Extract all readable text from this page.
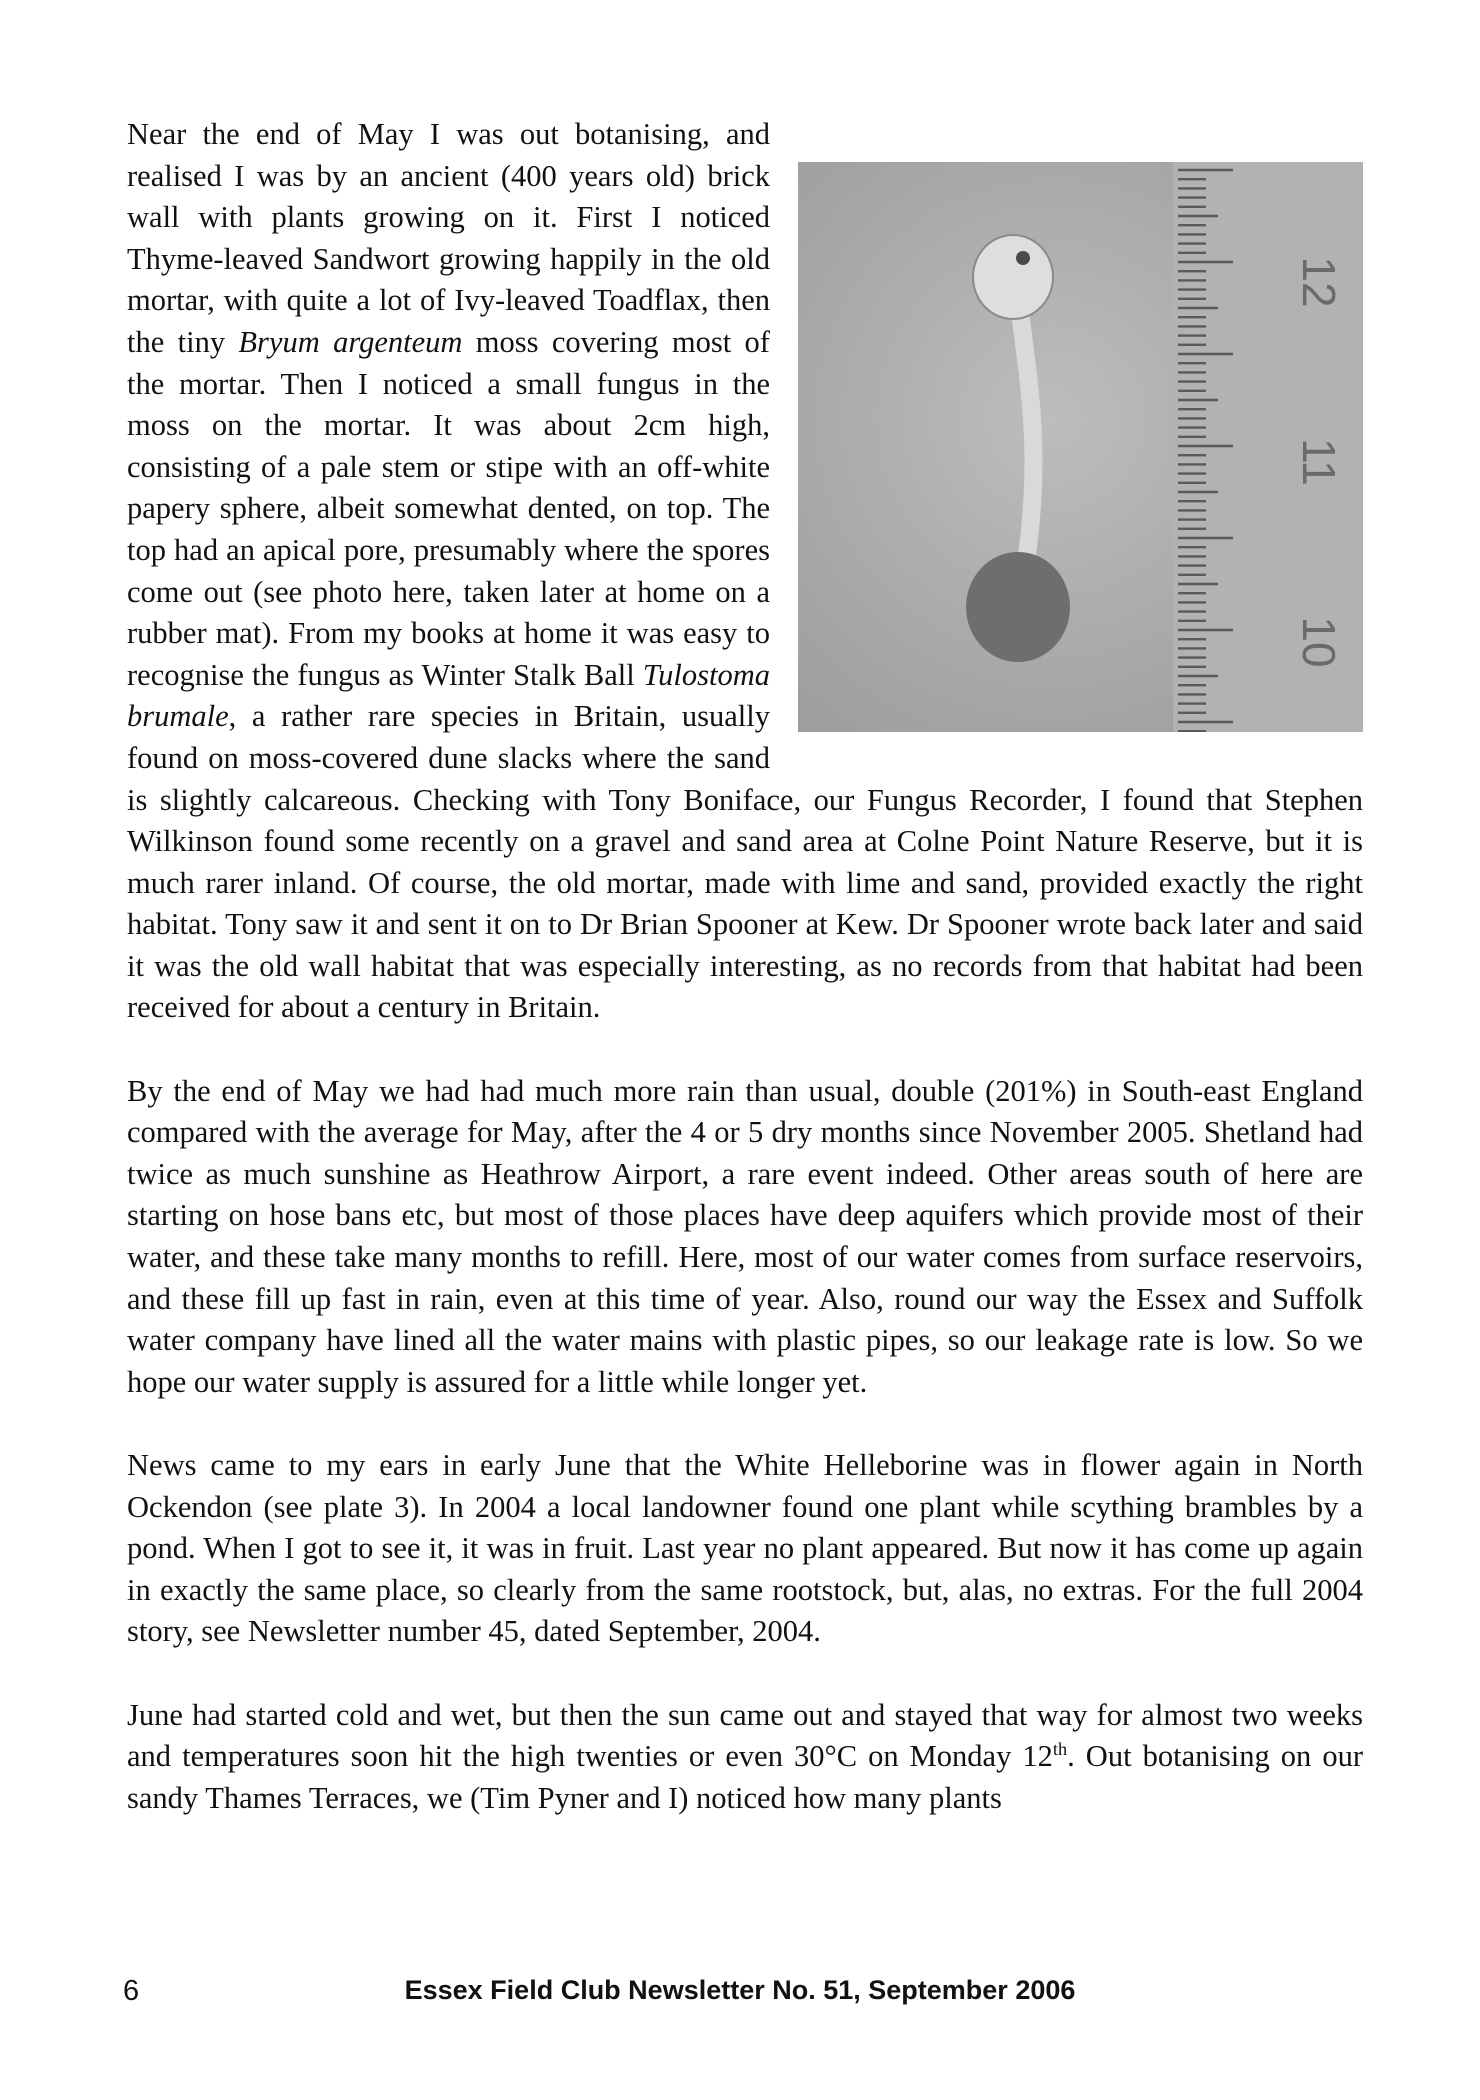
12
11
10
Near the end of May I was out botanising, and realised I was by an ancient (400 years old) brick wall with plants growing on it. First I noticed Thyme-leaved Sandwort growing happily in the old mortar, with quite a lot of Ivy-leaved Toadflax, then the tiny Bryum argenteum moss covering most of the mortar. Then I noticed a small fungus in the moss on the mortar. It was about 2cm high, consisting of a pale stem or stipe with an off-white papery sphere, albeit somewhat dented, on top. The top had an apical pore, presumably where the spores come out (see photo here, taken later at home on a rubber mat). From my books at home it was easy to recognise the fungus as Winter Stalk Ball Tulostoma brumale, a rather rare species in Britain, usually found on moss-covered dune slacks where the sand is slightly calcareous. Checking with Tony Boniface, our Fungus Recorder, I found that Stephen Wilkinson found some recently on a gravel and sand area at Colne Point Nature Reserve, but it is much rarer inland. Of course, the old mortar, made with lime and sand, provided exactly the right habitat. Tony saw it and sent it on to Dr Brian Spooner at Kew. Dr Spooner wrote back later and said it was the old wall habitat that was especially interesting, as no records from that habitat had been received for about a century in Britain.

By the end of May we had had much more rain than usual, double (201%) in South-east England compared with the average for May, after the 4 or 5 dry months since November 2005. Shetland had twice as much sunshine as Heathrow Airport, a rare event indeed. Other areas south of here are starting on hose bans etc, but most of those places have deep aquifers which provide most of their water, and these take many months to refill. Here, most of our water comes from surface reservoirs, and these fill up fast in rain, even at this time of year. Also, round our way the Essex and Suffolk water company have lined all the water mains with plastic pipes, so our leakage rate is low. So we hope our water supply is assured for a little while longer yet.

News came to my ears in early June that the White Helleborine was in flower again in North Ockendon (see plate 3). In 2004 a local landowner found one plant while scything brambles by a pond. When I got to see it, it was in fruit. Last year no plant appeared. But now it has come up again in exactly the same place, so clearly from the same rootstock, but, alas, no extras. For the full 2004 story, see Newsletter number 45, dated September, 2004.

June had started cold and wet, but then the sun came out and stayed that way for almost two weeks and temperatures soon hit the high twenties or even 30°C on Monday 12th. Out botanising on our sandy Thames Terraces, we (Tim Pyner and I) noticed how many plants

6	Essex Field Club Newsletter No. 51, September 2006
